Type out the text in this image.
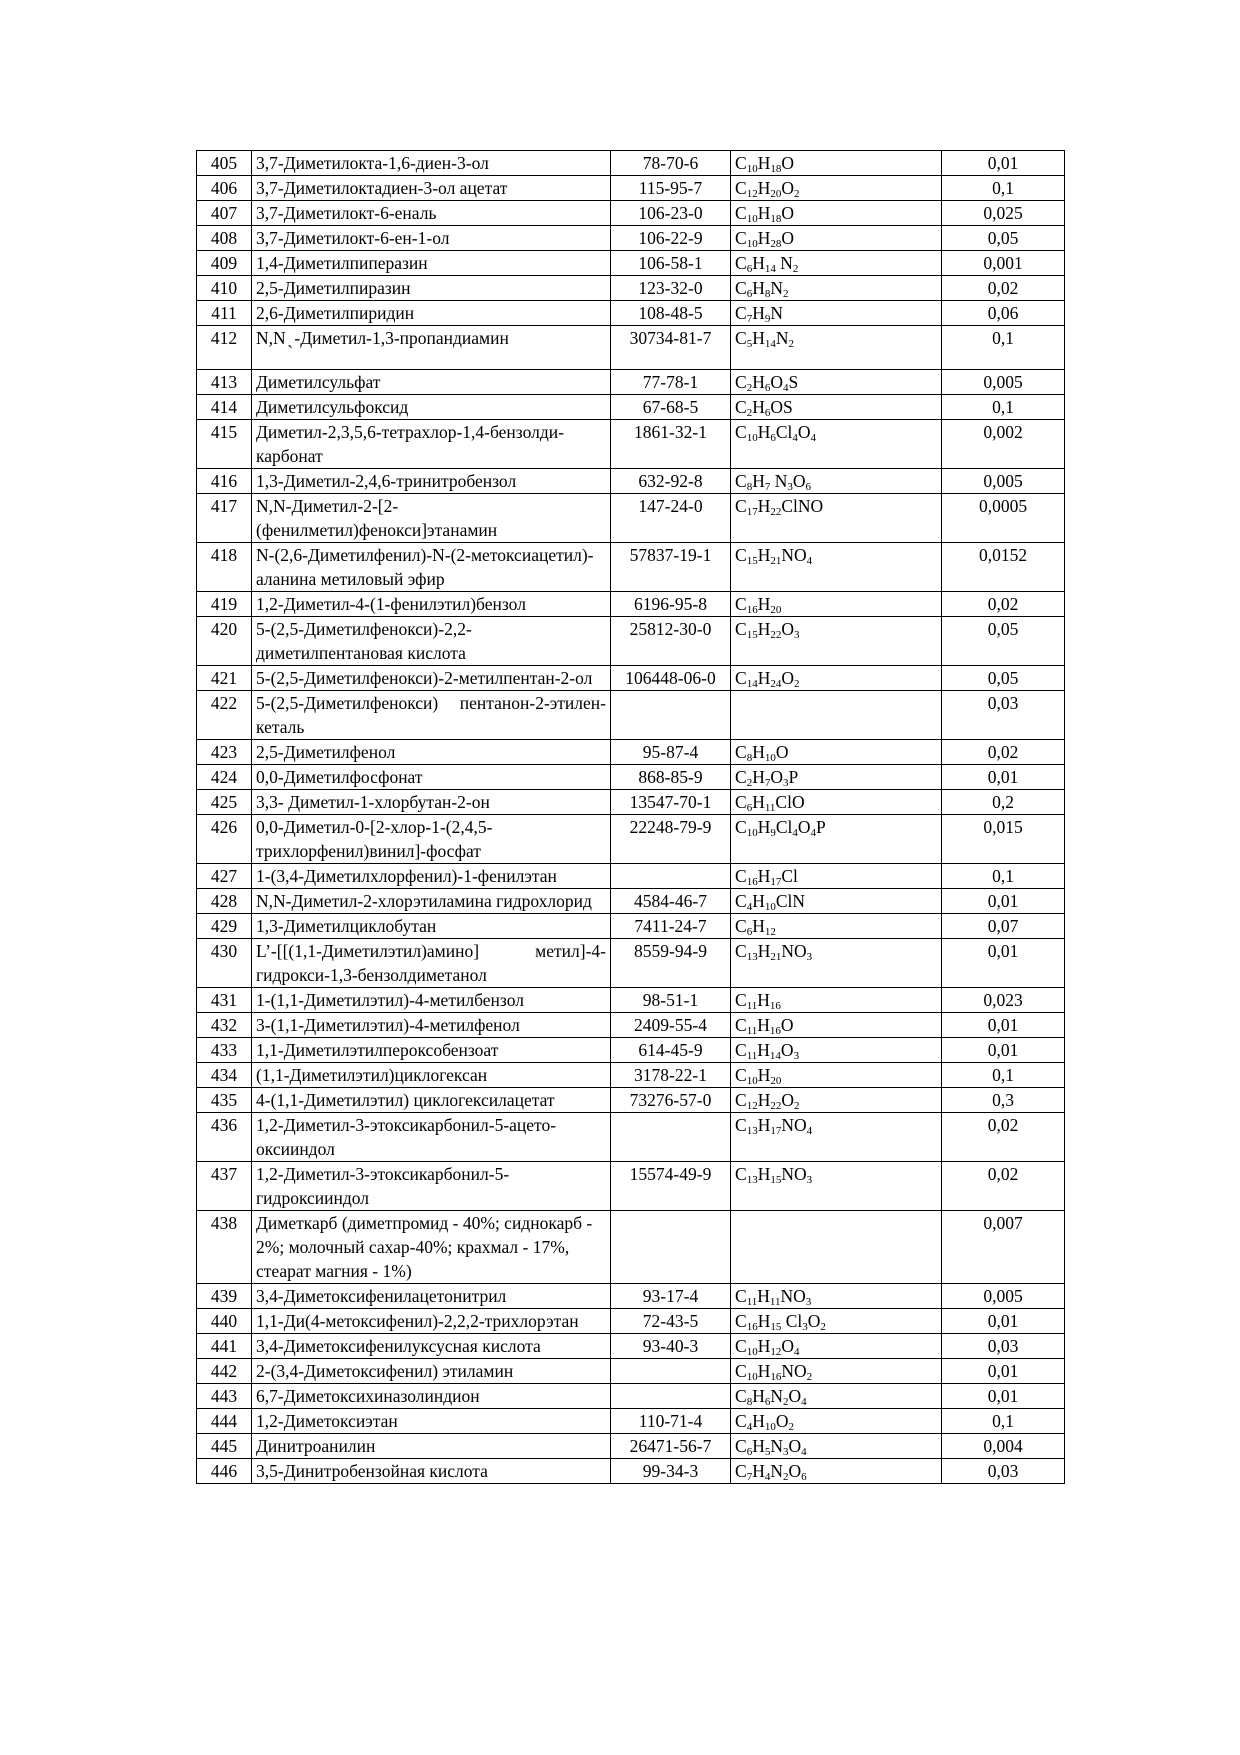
405	3,7-Диметилокта-1,6-диен-3-ол	78-70-6	$C_{10}H_{18}O$	0,01
406	3,7-Диметилоктадиен-3-ол ацетат	115-95-7	$C_{12}H_{20}O_2$	0,1
407	3,7-Диметилокт-6-еналь	106-23-0	$C_{10}H_{18}O$	0,025
408	3,7-Диметилокт-6-ен-1-ол	106-22-9	$C_{10}H_{28}O$	0,05
409	1,4-Диметилпиперазин	106-58-1	$C_6H_{14}$ $N_2$	0,001
410	2,5-Диметилпиразин	123-32-0	$C_6H_8N_2$	0,02
411	2,6-Диметилпиридин	108-48-5	$C_7H_9N$	0,06
412	N,N ̖ -Диметил-1,3-пропандиамин	30734-81-7	$C_5H_{14}N_2$	0,1
413	Диметилсульфат	77-78-1	$C_2H_6O_4S$	0,005
414	Диметилсульфоксид	67-68-5	$C_2H_6OS$	0,1
415	Диметил-2,3,5,6-тетрахлор-1,4-бензолди-карбонат	1861-32-1	$C_{10}H_6Cl_4O_4$	0,002
416	1,3-Диметил-2,4,6-тринитробензол	632-92-8	$C_8H_7$ $N_3O_6$	0,005
417	N,N-Диметил-2-[2-(фенилметил)фенокси]этанамин	147-24-0	$C_{17}H_{22}ClNO$	0,0005
418	N-(2,6-Диметилфенил)-N-(2-метоксиацетил)-аланина метиловый эфир	57837-19-1	$C_{15}H_{21}NO_4$	0,0152
419	1,2-Диметил-4-(1-фенилэтил)бензол	6196-95-8	$C_{16}H_{20}$	0,02
420	5-(2,5-Диметилфенокси)-2,2-диметилпентановая кислота	25812-30-0	$C_{15}H_{22}O_3$	0,05
421	5-(2,5-Диметилфенокси)-2-метилпентан-2-ол	106448-06-0	$C_{14}H_{24}O_2$	0,05
422	5-(2,5-Диметилфенокси) пентанон-2-этилен-кеталь			0,03
423	2,5-Диметилфенол	95-87-4	$C_8H_{10}O$	0,02
424	0,0-Диметилфосфонат	868-85-9	$C_2H_7O_3P$	0,01
425	3,3- Диметил-1-хлорбутан-2-он	13547-70-1	$C_6H_{11}ClO$	0,2
426	0,0-Диметил-0-[2-хлор-1-(2,4,5-трихлорфенил)винил]-фосфат	22248-79-9	$C_{10}H_9Cl_4O_4P$	0,015
427	1-(3,4-Диметилхлорфенил)-1-фенилэтан		$C_{16}H_{17}Cl$	0,1
428	N,N-Диметил-2-хлорэтиламина гидрохлорид	4584-46-7	$C_4H_{10}ClN$	0,01
429	1,3-Диметилциклобутан	7411-24-7	$C_6H_{12}$	0,07
430	L’-[[(1,1-Диметилэтил)амино] метил]-4-гидрокси-1,3-бензолдиметанол	8559-94-9	$C_{13}H_{21}NO_3$	0,01
431	1-(1,1-Диметилэтил)-4-метилбензол	98-51-1	$C_{11}H_{16}$	0,023
432	3-(1,1-Диметилэтил)-4-метилфенол	2409-55-4	$C_{11}H_{16}O$	0,01
433	1,1-Диметилэтилпероксобензоат	614-45-9	$C_{11}H_{14}O_3$	0,01
434	(1,1-Диметилэтил)циклогексан	3178-22-1	$C_{10}H_{20}$	0,1
435	4-(1,1-Диметилэтил) циклогексилацетат	73276-57-0	$C_{12}H_{22}O_2$	0,3
436	1,2-Диметил-3-этоксикарбонил-5-ацето-оксииндол		$C_{13}H_{17}NO_4$	0,02
437	1,2-Диметил-3-этоксикарбонил-5-гидроксииндол	15574-49-9	$C_{13}H_{15}NO_3$	0,02
438	Диметкарб (диметпромид - 40%; сиднокарб - 2%; молочный сахар-40%; крахмал - 17%, стеарат магния - 1%)			0,007
439	3,4-Диметоксифенилацетонитрил	93-17-4	$C_{11}H_{11}NO_3$	0,005
440	1,1-Ди(4-метоксифенил)-2,2,2-трихлорэтан	72-43-5	$C_{16}H_{15}$ $Cl_3O_2$	0,01
441	3,4-Диметоксифенилуксусная кислота	93-40-3	$C_{10}H_{12}O_4$	0,03
442	2-(3,4-Диметоксифенил) этиламин		$C_{10}H_{16}NO_2$	0,01
443	6,7-Диметоксихиназолиндион		$C_8H_6N_2O_4$	0,01
444	1,2-Диметоксиэтан	110-71-4	$C_4H_{10}O_2$	0,1
445	Динитроанилин	26471-56-7	$C_6H_5N_3O_4$	0,004
446	3,5-Динитробензойная кислота	99-34-3	$C_7H_4N_2O_6$	0,03
